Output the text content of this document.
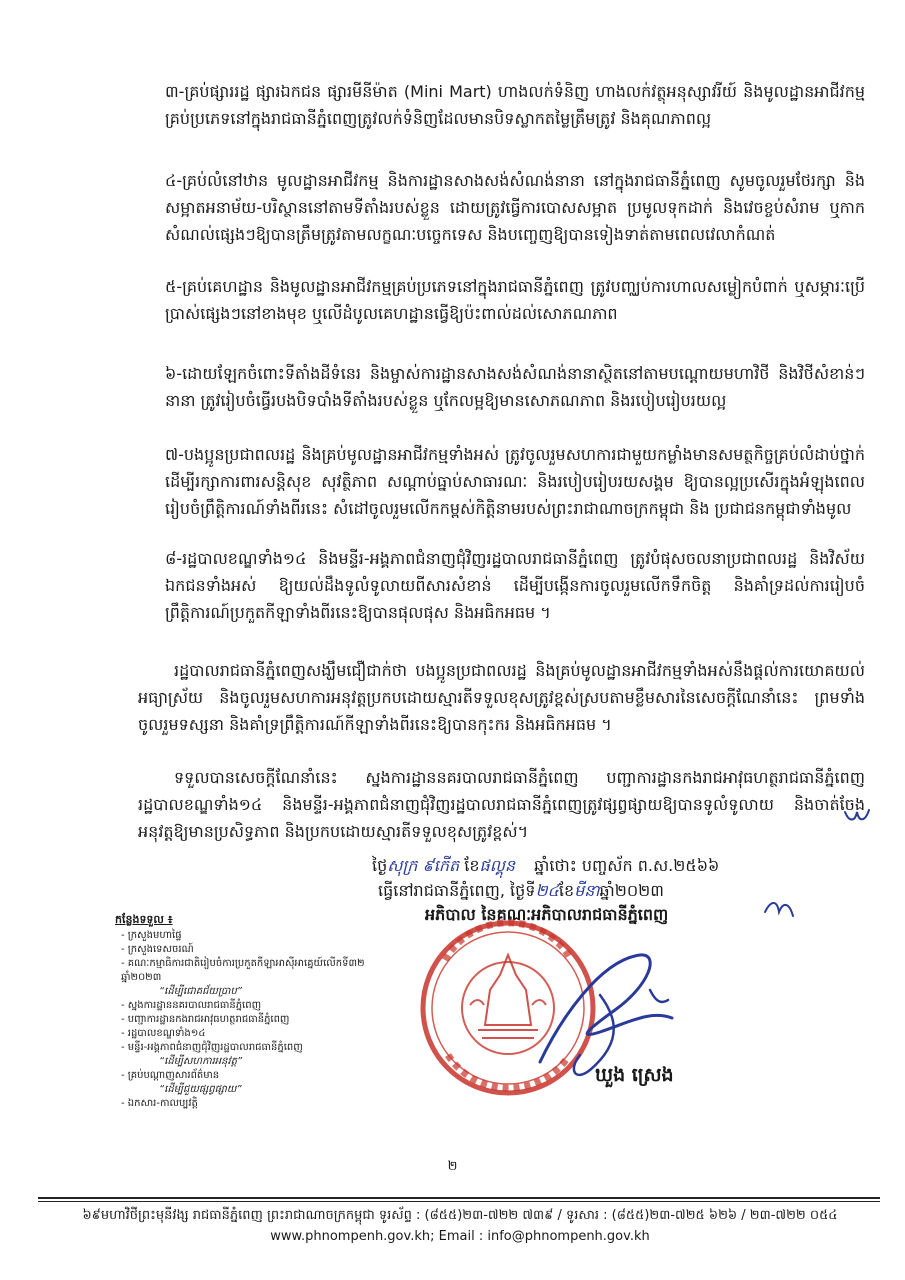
៣-គ្រប់ផ្សាររដ្ឋ ផ្សារឯកជន ផ្សារមីនីម៉ាត (Mini Mart) ហាងលក់ទំនិញ ហាងលក់វត្ថុអនុស្សាវរីយ៍ និងមូលដ្ឋានអាជីវកម្មគ្រប់ប្រភេទនៅក្នុងរាជធានីភ្នំពេញត្រូវលក់ទំនិញដែលមានបិទស្លាកតម្លៃត្រឹមត្រូវ និងគុណភាពល្អ
៤-គ្រប់លំនៅឋាន មូលដ្ឋានអាជីវកម្ម និងការដ្ឋានសាងសង់សំណង់នានា នៅក្នុងរាជធានីភ្នំពេញ សូមចូលរួមថែរក្សា និងសម្អាតអនាម័យ-បរិស្ថាននៅតាមទីតាំងរបស់ខ្លួន ដោយត្រូវធ្វើការបោសសម្អាត ប្រមូលទុកដាក់ និងវេចខ្ចប់សំរាម ឬកាកសំណល់ផ្សេងៗឱ្យបានត្រឹមត្រូវតាមលក្ខណៈបច្ចេកទេស និងបញ្ចេញឱ្យបានទៀងទាត់តាមពេលវេលាកំណត់
៥-គ្រប់គេហដ្ឋាន និងមូលដ្ឋានអាជីវកម្មគ្រប់ប្រភេទនៅក្នុងរាជធានីភ្នំពេញ ត្រូវបញ្ឈប់ការហាលសម្លៀកបំពាក់ ឬសម្ភារៈប្រើប្រាស់ផ្សេងៗនៅខាងមុខ ឬលើដំបូលគេហដ្ឋានធ្វើឱ្យប៉ះពាល់ដល់សោភណភាព
៦-ដោយឡែកចំពោះទីតាំងដីទំនេរ និងម្ចាស់ការដ្ឋានសាងសង់សំណង់នានាស្ថិតនៅតាមបណ្ដោយមហាវិថី និងវិថីសំខាន់ៗនានា ត្រូវរៀបចំធ្វើរបងបិទបាំងទីតាំងរបស់ខ្លួន ឬកែលម្អឱ្យមានសោភណភាព និងរបៀបរៀបរយល្អ
៧-បងប្អូនប្រជាពលរដ្ឋ និងគ្រប់មូលដ្ឋានអាជីវកម្មទាំងអស់ ត្រូវចូលរួមសហការជាមួយកម្លាំងមានសមត្ថកិច្ចគ្រប់លំដាប់ថ្នាក់ ដើម្បីរក្សាការពារសន្តិសុខ សុវត្ថិភាព សណ្ដាប់ធ្នាប់សាធារណៈ និងរបៀបរៀបរយសង្គម ឱ្យបានល្អប្រសើរក្នុងអំឡុងពេលរៀបចំព្រឹត្តិការណ៍ទាំងពីរនេះ សំដៅចូលរួមលើកកម្ពស់កិត្តិនាមរបស់ព្រះរាជាណាចក្រកម្ពុជា និង ប្រជាជនកម្ពុជាទាំងមូល
៨-រដ្ឋបាលខណ្ឌទាំង១៤ និងមន្ទីរ-អង្គភាពជំនាញជុំវិញរដ្ឋបាលរាជធានីភ្នំពេញ ត្រូវបំផុសចលនាប្រជាពលរដ្ឋ និងវិស័យឯកជនទាំងអស់ ឱ្យយល់ដឹងទូលំទូលាយពីសារសំខាន់ ដើម្បីបង្កើនការចូលរួមលើកទឹកចិត្ត និងគាំទ្រដល់ការរៀបចំព្រឹត្តិការណ៍ប្រកួតកីឡាទាំងពីរនេះឱ្យបានផុលផុស និងអធិកអធម ។
រដ្ឋបាលរាជធានីភ្នំពេញសង្ឃឹមជឿជាក់ថា បងប្អូនប្រជាពលរដ្ឋ និងគ្រប់មូលដ្ឋានអាជីវកម្មទាំងអស់នឹងផ្តល់ការយោគយល់អធ្យាស្រ័យ និងចូលរួមសហការអនុវត្តប្រកបដោយស្មារតីទទួលខុសត្រូវខ្ពស់ស្របតាមខ្លឹមសារនៃសេចក្តីណែនាំនេះ ព្រមទាំងចូលរួមទស្សនា និងគាំទ្រព្រឹត្តិការណ៍កីឡាទាំងពីរនេះឱ្យបានកុះករ និងអធិកអធម ។
ទទួលបានសេចក្តីណែនាំនេះ ស្នងការដ្ឋាននគរបាលរាជធានីភ្នំពេញ បញ្ជាការដ្ឋានកងរាជអាវុធហត្ថរាជធានីភ្នំពេញ រដ្ឋបាលខណ្ឌទាំង១៤ និងមន្ទីរ-អង្គភាពជំនាញជុំវិញរដ្ឋបាលរាជធានីភ្នំពេញត្រូវផ្សព្វផ្សាយឱ្យបានទូលំទូលាយ និងចាត់ចែងអនុវត្តឱ្យមានប្រសិទ្ធភាព និងប្រកបដោយស្មារតីទទួលខុសត្រូវខ្ពស់។
ថ្ងៃសុក្រ ៩កើត ខែផល្គុន ឆ្នាំថោះ បញ្ចស័ក ព.ស.២៥៦៦
ធ្វើនៅរាជធានីភ្នំពេញ, ថ្ងៃទី២៤ខែមីនាឆ្នាំ២០២៣
អភិបាល នៃគណៈអភិបាលរាជធានីភ្នំពេញ
កន្លែងទទួល ៖
- ក្រសួងមហាផ្ទៃ
- ក្រសួងទេសចរណ៍
- គណៈកម្មាធិការជាតិរៀបចំការប្រកួតកីឡាអាស៊ីអាគ្នេយ៍លើកទី៣២ ឆ្នាំ២០២៣
“ដើម្បីជោគជ័យប្រាប”
- ស្នងការដ្ឋាននគរបាលរាជធានីភ្នំពេញ
- បញ្ជាការដ្ឋានកងរាជអាវុធហត្ថរាជធានីភ្នំពេញ
- រដ្ឋបាលខណ្ឌទាំង១៤
- មន្ទីរ-អង្គភាពជំនាញជុំវិញរដ្ឋបាលរាជធានីភ្នំពេញ
“ដើម្បីសហការអនុវត្ត”
- គ្រប់បណ្តាញសារព័ត៌មាន
“ដើម្បីជួយផ្សព្វផ្សាយ”
- ឯកសារ-កាលប្បវត្តិ
ឃួង ស្រេង
២
៦៩មហាវិថីព្រះមុនីវង្ស រាជធានីភ្នំពេញ ព្រះរាជាណាចក្រកម្ពុជា ទូរស័ព្ទ : (៨៥៥)២៣-៧២២ ៧៣៩ / ទូរសារ : (៨៥៥)២៣-៧២៥ ៦២៦ / ២៣-៧២២ ០៥៤
www.phnompenh.gov.kh; Email : info@phnompenh.gov.kh
